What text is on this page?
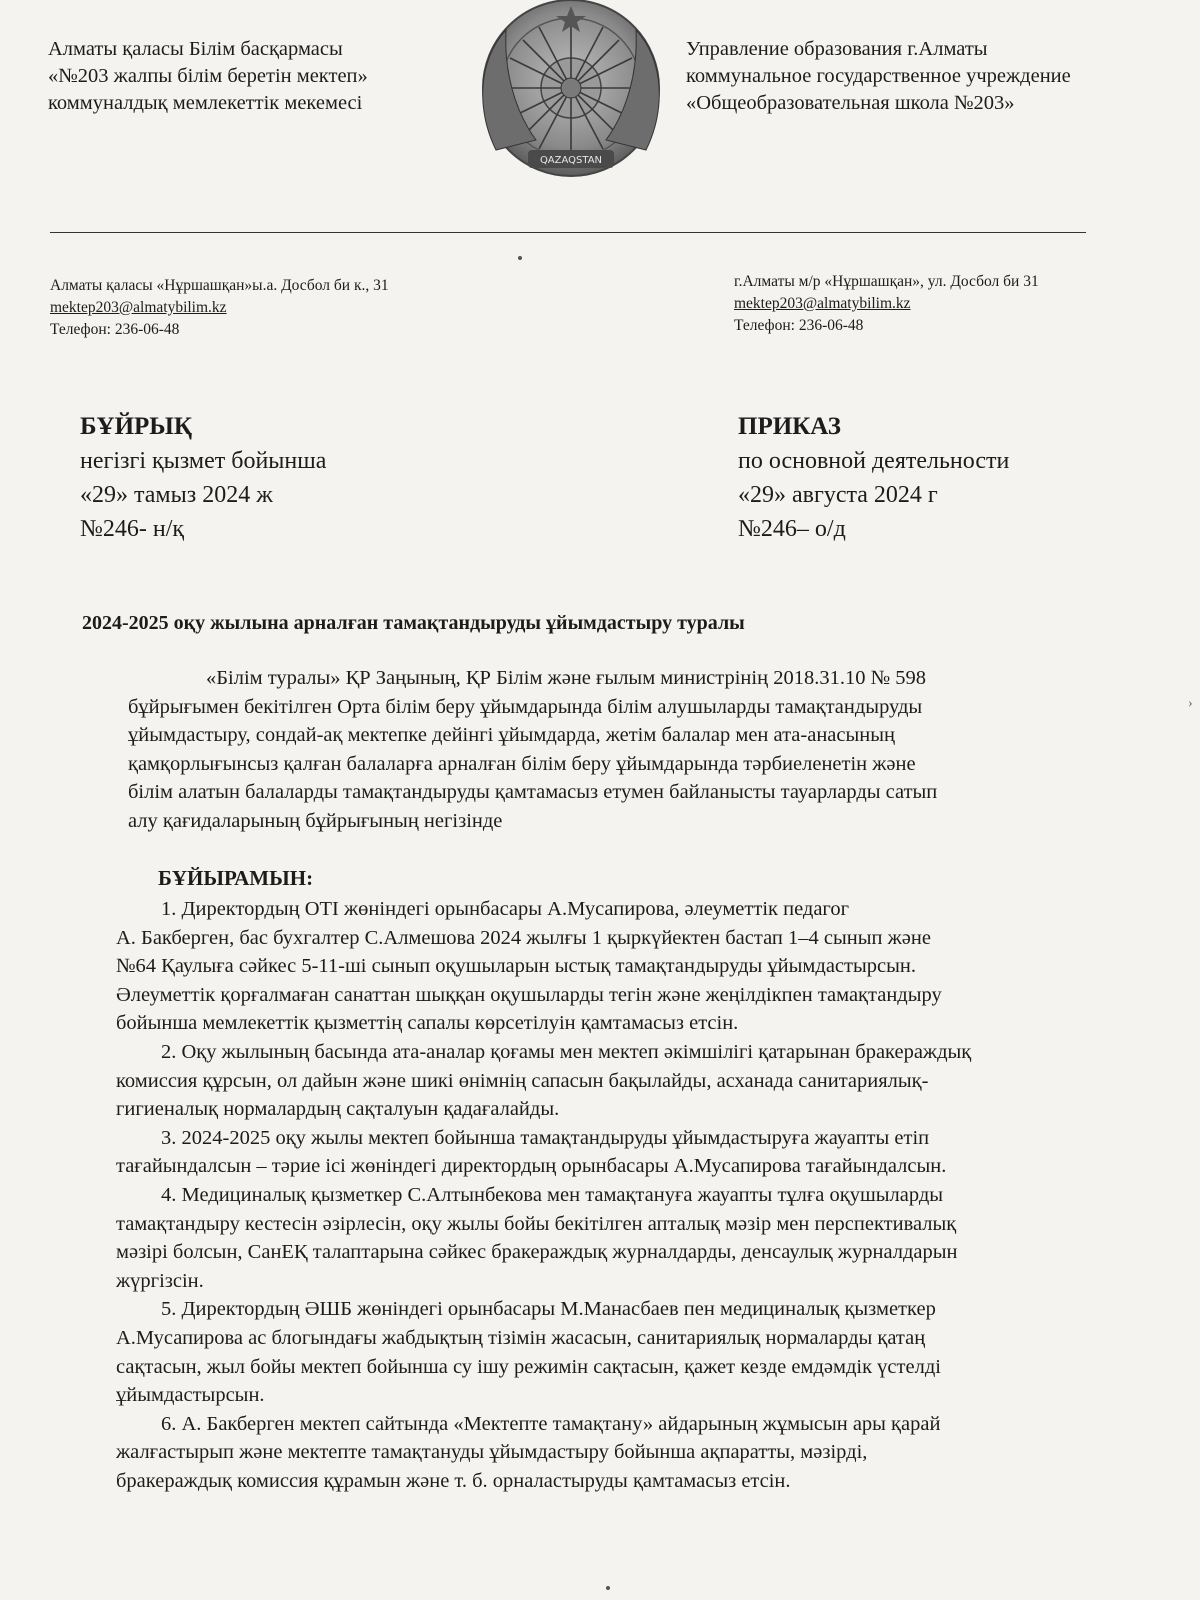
Алматы қаласы Білім басқармасы
«№203 жалпы білім беретін мектеп»
коммуналдық мемлекеттік мекемесі
QAZAQSTAN
Управление образования г.Алматы
коммунальное государственное учреждение
«Общеобразовательная школа №203»
Алматы қаласы «Нұршашқан»ы.а. Досбол би к., 31
mektep203@almatybilim.kz
Телефон: 236-06-48
г.Алматы м/р «Нұршашқан», ул. Досбол би 31
mektep203@almatybilim.kz
Телефон: 236-06-48
БҰЙРЫҚ
негізгі қызмет бойынша
«29» тамыз 2024 ж
№246- н/қ
ПРИКАЗ
по основной деятельности
«29» августа 2024 г
№246– о/д
2024-2025 оқу жылына арналған тамақтандыруды ұйымдастыру туралы
«Білім туралы» ҚР Заңының, ҚР Білім және ғылым министрінің 2018.31.10 № 598
бұйрығымен бекітілген Орта білім беру ұйымдарында білім алушыларды тамақтандыруды
ұйымдастыру, сондай-ақ мектепке дейінгі ұйымдарда, жетім балалар мен ата-анасының
қамқорлығынсыз қалған балаларға арналған білім беру ұйымдарында тәрбиеленетін және
білім алатын балаларды тамақтандыруды қамтамасыз етумен байланысты тауарларды сатып
алу қағидаларының бұйрығының негізінде
›
БҰЙЫРАМЫН:
1. Директордың ОТІ жөніндегі орынбасары А.Мусапирова, әлеуметтік педагог
А. Бакберген, бас бухгалтер С.Алмешова 2024 жылғы 1 қыркүйектен бастап 1–4 сынып және
№64 Қаулыға сәйкес 5-11-ші сынып оқушыларын ыстық тамақтандыруды ұйымдастырсын.
Әлеуметтік қорғалмаған санаттан шыққан оқушыларды тегін және жеңілдікпен тамақтандыру
бойынша мемлекеттік қызметтің сапалы көрсетілуін қамтамасыз етсін.
2. Оқу жылының басында ата-аналар қоғамы мен мектеп әкімшілігі қатарынан бракераждық
комиссия құрсын, ол дайын және шикі өнімнің сапасын бақылайды, асханада санитариялық-
гигиеналық нормалардың сақталуын қадағалайды.
3. 2024-2025 оқу жылы мектеп бойынша тамақтандыруды ұйымдастыруға жауапты етіп
тағайындалсын – тәрие ісі жөніндегі директордың орынбасары А.Мусапирова тағайындалсын.
4. Медициналық қызметкер С.Алтынбекова мен тамақтануға жауапты тұлға оқушыларды
тамақтандыру кестесін әзірлесін, оқу жылы бойы бекітілген апталық мәзір мен перспективалық
мәзірі болсын, СанЕҚ талаптарына сәйкес бракераждық журналдарды, денсаулық журналдарын
жүргізсін.
5. Директордың ӘШБ жөніндегі орынбасары М.Манасбаев пен медициналық қызметкер
А.Мусапирова ас блогындағы жабдықтың тізімін жасасын, санитариялық нормаларды қатаң
сақтасын, жыл бойы мектеп бойынша су ішу режимін сақтасын, қажет кезде емдәмдік үстелді
ұйымдастырсын.
6. А. Бакберген мектеп сайтында «Мектепте тамақтану» айдарының жұмысын ары қарай
жалғастырып және мектепте тамақтануды ұйымдастыру бойынша ақпаратты, мәзірді,
бракераждық комиссия құрамын және т. б. орналастыруды қамтамасыз етсін.
